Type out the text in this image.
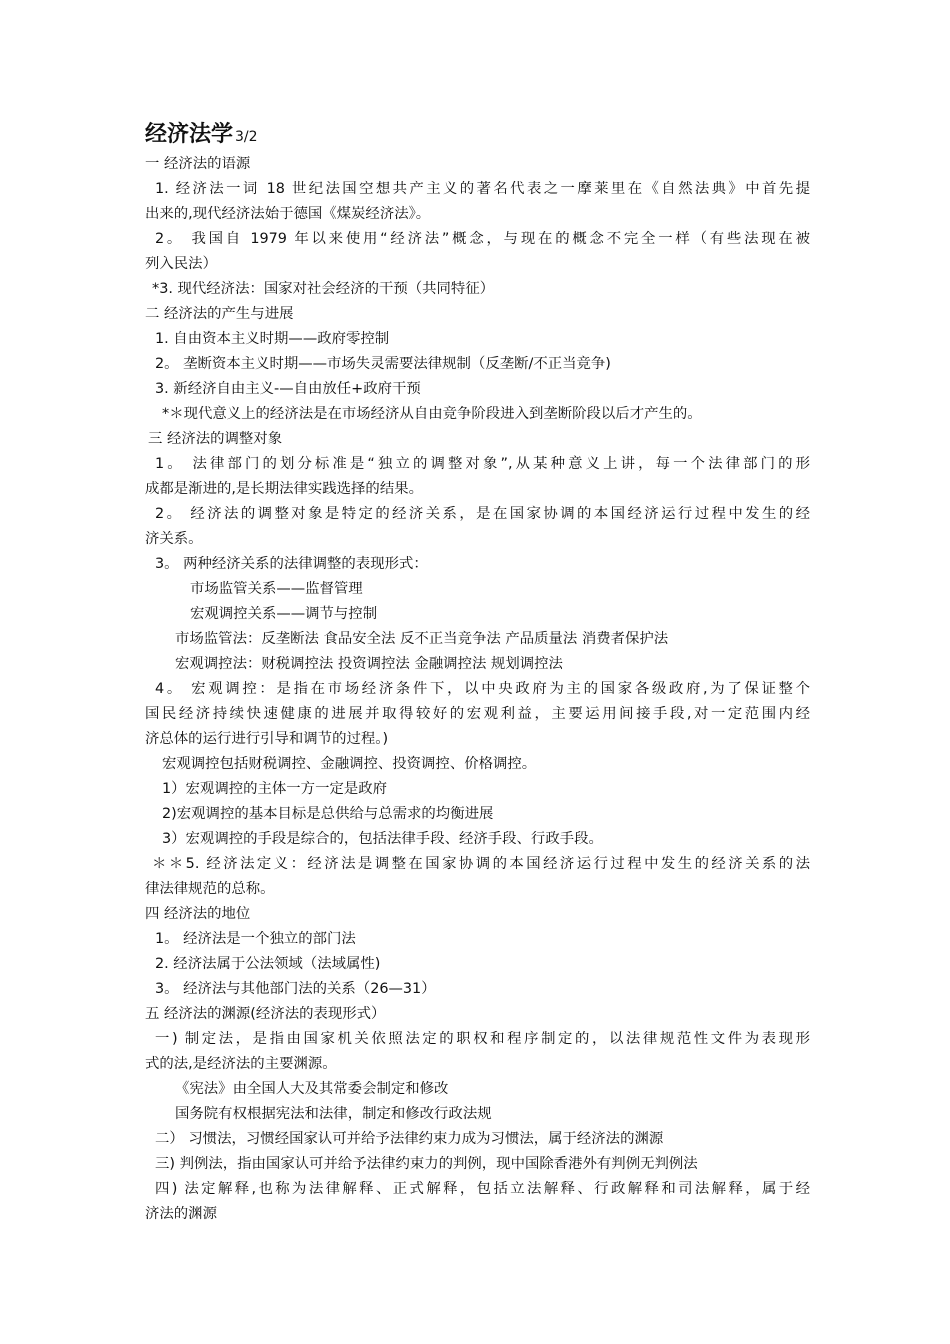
经济法学 3/2
一 经济法的语源
1. 经济法一词 18 世纪法国空想共产主义的著名代表之一摩莱里在《自然法典》中首先提
出来的,现代经济法始于德国《煤炭经济法》。
2。 我国自 1979 年以来使用“经济法”概念，与现在的概念不完全一样（有些法现在被
列入民法）
*3. 现代经济法：国家对社会经济的干预（共同特征）
二 经济法的产生与进展
1. 自由资本主义时期——政府零控制
2。 垄断资本主义时期——市场失灵需要法律规制（反垄断/不正当竞争)
3. 新经济自由主义-—自由放任+政府干预
*＊现代意义上的经济法是在市场经济从自由竞争阶段进入到垄断阶段以后才产生的。
三 经济法的调整对象
1。 法律部门的划分标准是“独立的调整对象”,从某种意义上讲，每一个法律部门的形
成都是渐进的,是长期法律实践选择的结果。
2。 经济法的调整对象是特定的经济关系，是在国家协调的本国经济运行过程中发生的经
济关系。
3。 两种经济关系的法律调整的表现形式：
市场监管关系——监督管理
宏观调控关系——调节与控制
市场监管法：反垄断法 食品安全法 反不正当竞争法 产品质量法 消费者保护法
宏观调控法：财税调控法 投资调控法 金融调控法 规划调控法
4。 宏观调控：是指在市场经济条件下，以中央政府为主的国家各级政府,为了保证整个
国民经济持续快速健康的进展并取得较好的宏观利益，主要运用间接手段,对一定范围内经
济总体的运行进行引导和调节的过程。)
宏观调控包括财税调控、金融调控、投资调控、价格调控。
1）宏观调控的主体一方一定是政府
2)宏观调控的基本目标是总供给与总需求的均衡进展
3）宏观调控的手段是综合的，包括法律手段、经济手段、行政手段。
＊＊5. 经济法定义：经济法是调整在国家协调的本国经济运行过程中发生的经济关系的法
律法律规范的总称。
四 经济法的地位
1。 经济法是一个独立的部门法
2. 经济法属于公法领域（法域属性)
3。 经济法与其他部门法的关系（26—31）
五 经济法的渊源(经济法的表现形式）
一) 制定法，是指由国家机关依照法定的职权和程序制定的，以法律规范性文件为表现形
式的法,是经济法的主要渊源。
《宪法》由全国人大及其常委会制定和修改
国务院有权根据宪法和法律，制定和修改行政法规
二） 习惯法，习惯经国家认可并给予法律约束力成为习惯法，属于经济法的渊源
三) 判例法，指由国家认可并给予法律约束力的判例，现中国除香港外有判例无判例法
四) 法定解释,也称为法律解释、正式解释，包括立法解释、行政解释和司法解释，属于经
济法的渊源
